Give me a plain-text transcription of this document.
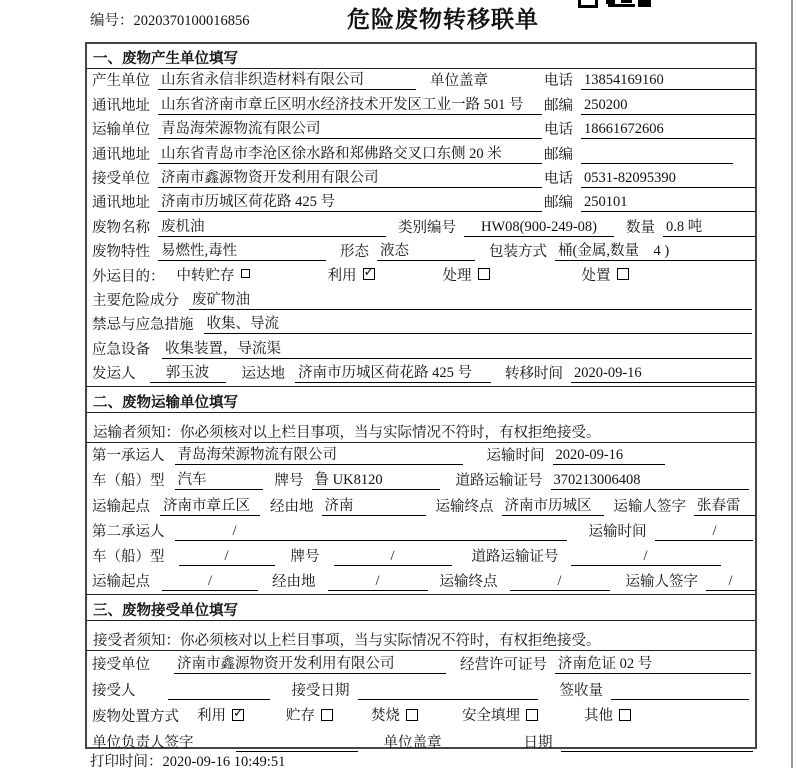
编号：2020370100016856	危险废物转移联单
一、废物产生单位填写
产生单位 山东省永信非织造材料有限公司	单位盖章	电话 13854169160
通讯地址 山东省济南市章丘区明水经济技术开发区工业一路 501 号	邮编 250200
运输单位 青岛海荣源物流有限公司	电话 18661672606
通讯地址 山东省青岛市李沧区徐水路和郑佛路交叉口东侧 20 米	邮编
接受单位 济南市鑫源物资开发利用有限公司	电话 0531-82095390
通讯地址 济南市历城区荷花路 425 号	邮编 250101
废物名称 废机油	类别编号	HW08(900-249-08)	数量 0.8 吨
废物特性 易燃性,毒性	形态 液态	包装方式 桶(金属,数量　4 )
外运目的： 中转贮存	利用 ✓	处理	处置
主要危险成分 废矿物油
禁忌与应急措施 收集、导流
应急设备 收集装置，导流渠
发运人	郭玉波	运达地 济南市历城区荷花路 425 号	转移时间 2020-09-16
二、废物运输单位填写
运输者须知：你必须核对以上栏目事项，当与实际情况不符时，有权拒绝接受。
第一承运人 青岛海荣源物流有限公司	运输时间 2020-09-16
车（船）型 汽车	牌号 鲁 UK8120	道路运输证号 370213006408
运输起点 济南市章丘区	经由地 济南	运输终点 济南市历城区	运输人签字 张春雷
第二承运人	/	运输时间	/
车（船）型	/	牌号	/	道路运输证号	/
运输起点	/	经由地	/	运输终点	/	运输人签字	/
三、废物接受单位填写
接受者须知：你必须核对以上栏目事项，当与实际情况不符时，有权拒绝接受。
接受单位 济南市鑫源物资开发利用有限公司	经营许可证号 济南危证 02 号
接受人	接受日期	签收量
废物处置方式 利用 ✓	贮存	焚烧	安全填埋	其他
单位负责人签字	单位盖章	日期
打印时间：2020-09-16 10:49:51
